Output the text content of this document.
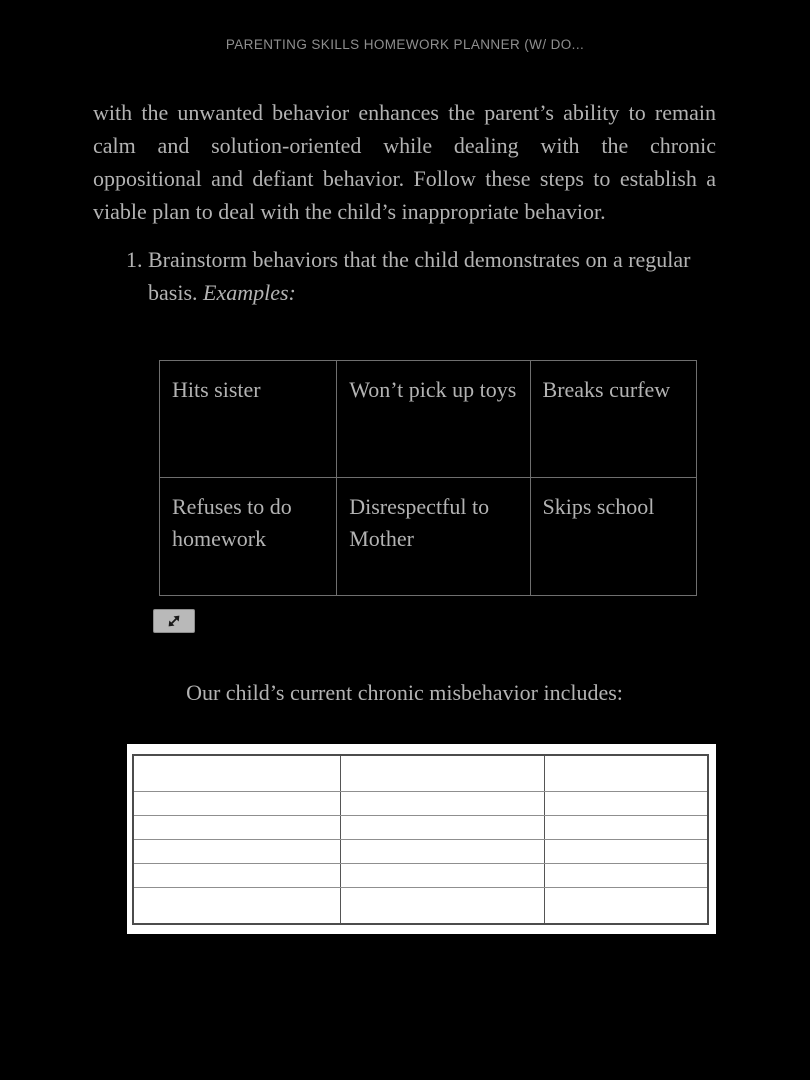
PARENTING SKILLS HOMEWORK PLANNER (W/ DO...

with the unwanted behavior enhances the parent’s ability to remain calm and solution-oriented while dealing with the chronic oppositional and defiant behavior. Follow these steps to establish a viable plan to deal with the child’s inappropriate behavior.

1. Brainstorm behaviors that the child demonstrates on a regular basis. Examples:
Hits sister	Won’t pick up toys	Breaks curfew
Refuses to do homework	Disrespectful to Mother	Skips school

Our child’s current chronic misbehavior includes:
